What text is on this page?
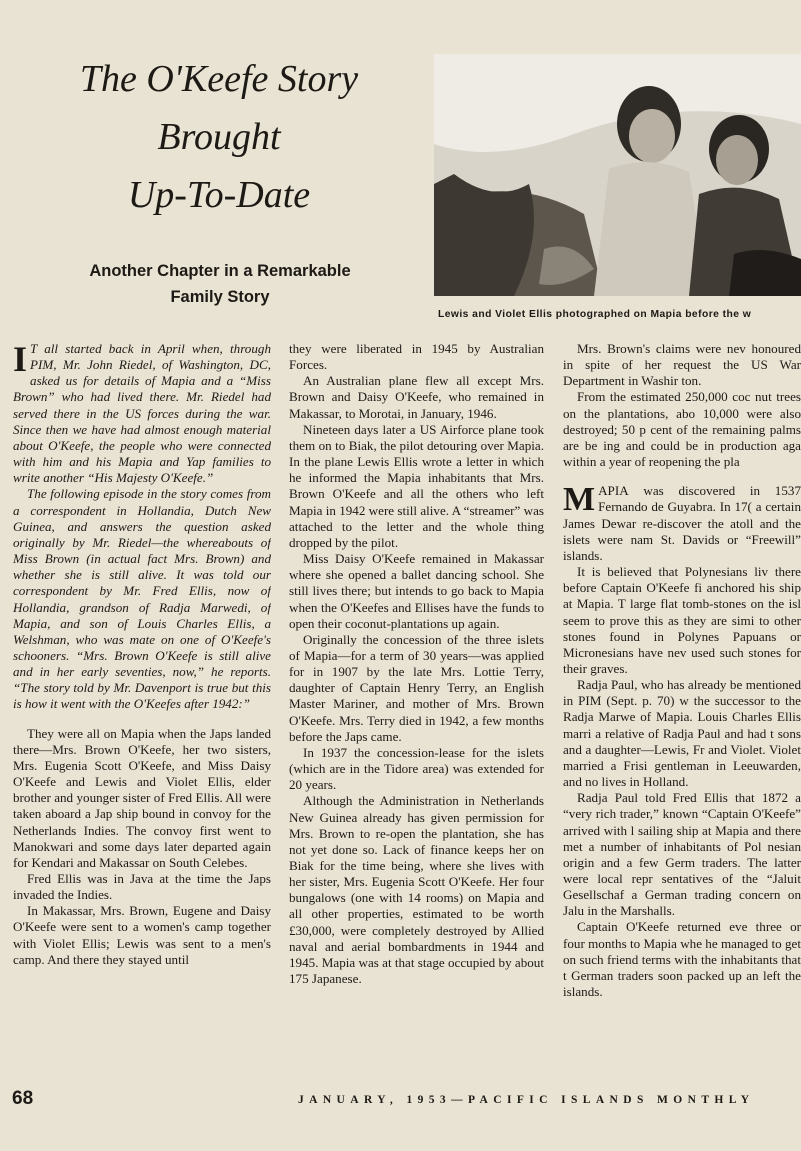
The O'Keefe Story
Brought
Up-To-Date
Another Chapter in a Remarkable
Family Story
Lewis and Violet Ellis photographed on Mapia before the w

I T all started back in April when, through PIM, Mr. John Riedel, of Washington, DC, asked us for details of Mapia and a “Miss Brown” who had lived there. Mr. Riedel had served there in the US forces during the war. Since then we have had almost enough material about O'Keefe, the people who were connected with him and his Mapia and Yap families to write another “His Majesty O'Keefe.”

The following episode in the story comes from a correspondent in Hollandia, Dutch New Guinea, and answers the question asked originally by Mr. Riedel—the whereabouts of Miss Brown (in actual fact Mrs. Brown) and whether she is still alive. It was told our correspondent by Mr. Fred Ellis, now of Hollandia, grandson of Radja Marwedi, of Mapia, and son of Louis Charles Ellis, a Welshman, who was mate on one of O'Keefe's schooners. “Mrs. Brown O'Keefe is still alive and in her early seventies, now,” he reports. “The story told by Mr. Davenport is true but this is how it went with the O'Keefes after 1942:”

They were all on Mapia when the Japs landed there—Mrs. Brown O'Keefe, her two sisters, Mrs. Eugenia Scott O'Keefe, and Miss Daisy O'Keefe and Lewis and Violet Ellis, elder brother and younger sister of Fred Ellis. All were taken aboard a Jap ship bound in convoy for the Netherlands Indies. The convoy first went to Manokwari and some days later departed again for Kendari and Makassar on South Celebes.

Fred Ellis was in Java at the time the Japs invaded the Indies.

In Makassar, Mrs. Brown, Eugene and Daisy O'Keefe were sent to a women's camp together with Violet Ellis; Lewis was sent to a men's camp. And there they stayed until

they were liberated in 1945 by Australian Forces.

An Australian plane flew all except Mrs. Brown and Daisy O'Keefe, who remained in Makassar, to Morotai, in January, 1946.

Nineteen days later a US Airforce plane took them on to Biak, the pilot detouring over Mapia. In the plane Lewis Ellis wrote a letter in which he informed the Mapia inhabitants that Mrs. Brown O'Keefe and all the others who left Mapia in 1942 were still alive. A “streamer” was attached to the letter and the whole thing dropped by the pilot.

Miss Daisy O'Keefe remained in Makassar where she opened a ballet dancing school. She still lives there; but intends to go back to Mapia when the O'Keefes and Ellises have the funds to open their coconut-plantations up again.

Originally the concession of the three islets of Mapia—for a term of 30 years—was applied for in 1907 by the late Mrs. Lottie Terry, daughter of Captain Henry Terry, an English Master Mariner, and mother of Mrs. Brown O'Keefe. Mrs. Terry died in 1942, a few months before the Japs came.

In 1937 the concession-lease for the islets (which are in the Tidore area) was extended for 20 years.

Although the Administration in Netherlands New Guinea already has given permission for Mrs. Brown to re-open the plantation, she has not yet done so. Lack of finance keeps her on Biak for the time being, where she lives with her sister, Mrs. Eugenia Scott O'Keefe. Her four bungalows (one with 14 rooms) on Mapia and all other properties, estimated to be worth £30,000, were completely destroyed by Allied naval and aerial bombardments in 1944 and 1945. Mapia was at that stage occupied by about 175 Japanese.

Mrs. Brown's claims were nev honoured in spite of her request the US War Department in Washir ton.

From the estimated 250,000 coc nut trees on the plantations, abo 10,000 were also destroyed; 50 p cent of the remaining palms are be ing and could be in production aga within a year of reopening the pla

MAPIA was discovered in 1537 Fernando de Guyabra. In 17( a certain James Dewar re-discover the atoll and the islets were nam St. Davids or “Freewill” islands.

It is believed that Polynesians liv there before Captain O'Keefe fi anchored his ship at Mapia. T large flat tomb-stones on the isl seem to prove this as they are simi to other stones found in Polynes Papuans or Micronesians have nev used such stones for their graves.

Radja Paul, who has already be mentioned in PIM (Sept. p. 70) w the successor to the Radja Marwe of Mapia. Louis Charles Ellis marri a relative of Radja Paul and had t sons and a daughter—Lewis, Fr and Violet. Violet married a Frisi gentleman in Leeuwarden, and no lives in Holland.

Radja Paul told Fred Ellis that 1872 a “very rich trader,” known “Captain O'Keefe” arrived with l sailing ship at Mapia and there met a number of inhabitants of Pol nesian origin and a few Germ traders. The latter were local repr sentatives of the “Jaluit Gesellschaf a German trading concern on Jalu in the Marshalls.

Captain O'Keefe returned eve three or four months to Mapia whe he managed to get on such friend terms with the inhabitants that t German traders soon packed up an left the islands.

68	JANUARY, 1953—PACIFIC ISLANDS MONTHLY
